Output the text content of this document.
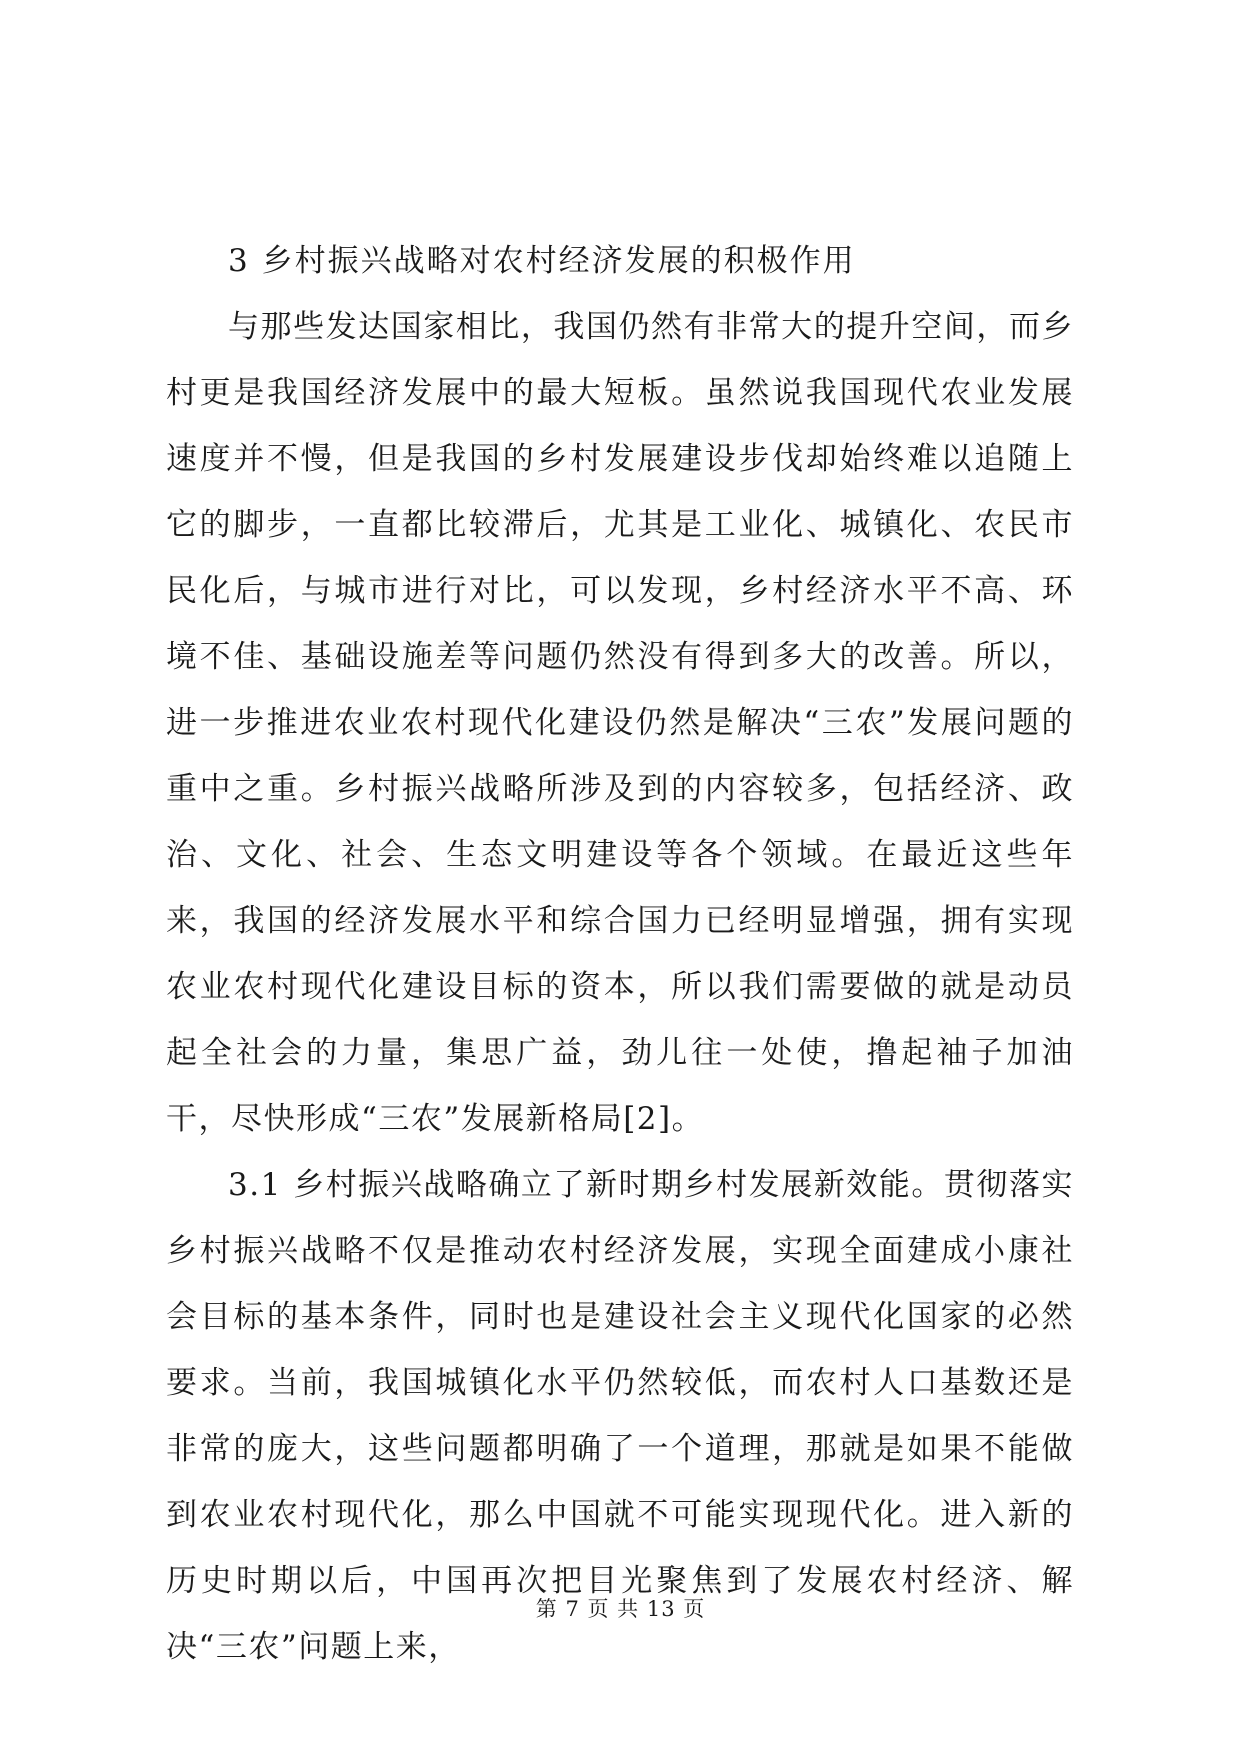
3 乡村振兴战略对农村经济发展的积极作用

与那些发达国家相比，我国仍然有非常大的提升空间，而乡村更是我国经济发展中的最大短板。虽然说我国现代农业发展速度并不慢，但是我国的乡村发展建设步伐却始终难以追随上它的脚步，一直都比较滞后，尤其是工业化、城镇化、农民市民化后，与城市进行对比，可以发现，乡村经济水平不高、环境不佳、基础设施差等问题仍然没有得到多大的改善。所以，进一步推进农业农村现代化建设仍然是解决“三农”发展问题的重中之重。乡村振兴战略所涉及到的内容较多，包括经济、政治、文化、社会、生态文明建设等各个领域。在最近这些年来，我国的经济发展水平和综合国力已经明显增强，拥有实现农业农村现代化建设目标的资本，所以我们需要做的就是动员起全社会的力量，集思广益，劲儿往一处使，撸起袖子加油干，尽快形成“三农”发展新格局[2]。

3.1 乡村振兴战略确立了新时期乡村发展新效能。贯彻落实乡村振兴战略不仅是推动农村经济发展，实现全面建成小康社会目标的基本条件，同时也是建设社会主义现代化国家的必然要求。当前，我国城镇化水平仍然较低，而农村人口基数还是非常的庞大，这些问题都明确了一个道理，那就是如果不能做到农业农村现代化，那么中国就不可能实现现代化。进入新的历史时期以后，中国再次把目光聚焦到了发展农村经济、解决“三农”问题上来，

第 7 页 共 13 页
